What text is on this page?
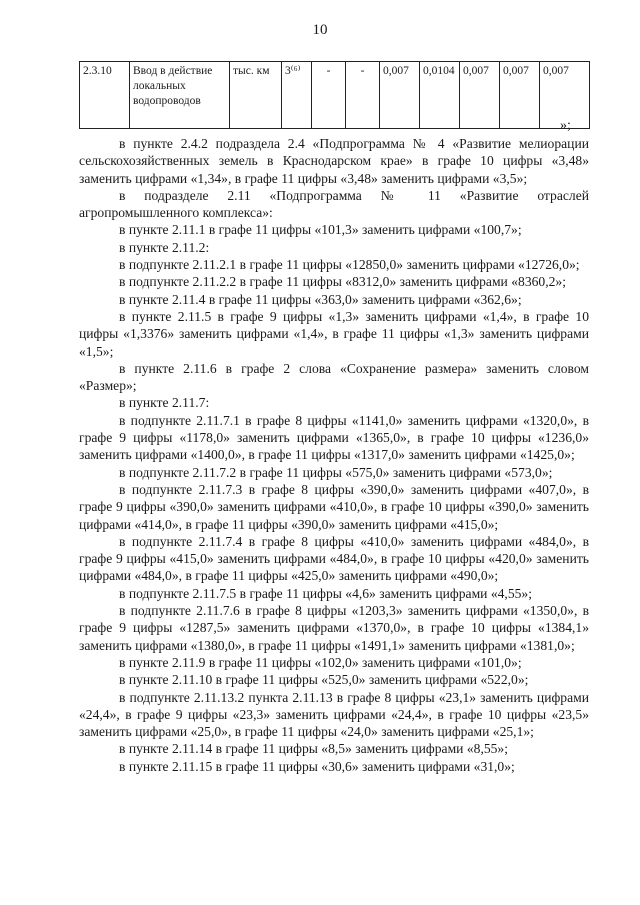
10
2.3.10	Ввод в действие локальных водопроводов	тыс. км	3⁽⁶⁾	-	-	0,007	0,0104	0,007	0,007	0,007
»;

в пункте 2.4.2 подраздела 2.4 «Подпрограмма № 4 «Развитие мелиорации сельскохозяйственных земель в Краснодарском крае» в графе 10 цифры «3,48» заменить цифрами «1,34», в графе 11 цифры «3,48» заменить цифрами «3,5»;

в подразделе 2.11 «Подпрограмма № 11 «Развитие отраслей агропромышленного комплекса»:

в пункте 2.11.1 в графе 11 цифры «101,3» заменить цифрами «100,7»;

в пункте 2.11.2:

в подпункте 2.11.2.1 в графе 11 цифры «12850,0» заменить цифрами «12726,0»;

в подпункте 2.11.2.2 в графе 11 цифры «8312,0» заменить цифрами «8360,2»;

в пункте 2.11.4 в графе 11 цифры «363,0» заменить цифрами «362,6»;

в пункте 2.11.5 в графе 9 цифры «1,3» заменить цифрами «1,4», в графе 10 цифры «1,3376» заменить цифрами «1,4», в графе 11 цифры «1,3» заменить цифрами «1,5»;

в пункте 2.11.6 в графе 2 слова «Сохранение размера» заменить словом «Размер»;

в пункте 2.11.7:

в подпункте 2.11.7.1 в графе 8 цифры «1141,0» заменить цифрами «1320,0», в графе 9 цифры «1178,0» заменить цифрами «1365,0», в графе 10 цифры «1236,0» заменить цифрами «1400,0», в графе 11 цифры «1317,0» заменить цифрами «1425,0»;

в подпункте 2.11.7.2 в графе 11 цифры «575,0» заменить цифрами «573,0»;

в подпункте 2.11.7.3 в графе 8 цифры «390,0» заменить цифрами «407,0», в графе 9 цифры «390,0» заменить цифрами «410,0», в графе 10 цифры «390,0» заменить цифрами «414,0», в графе 11 цифры «390,0» заменить цифрами «415,0»;

в подпункте 2.11.7.4 в графе 8 цифры «410,0» заменить цифрами «484,0», в графе 9 цифры «415,0» заменить цифрами «484,0», в графе 10 цифры «420,0» заменить цифрами «484,0», в графе 11 цифры «425,0» заменить цифрами «490,0»;

в подпункте 2.11.7.5 в графе 11 цифры «4,6» заменить цифрами «4,55»;

в подпункте 2.11.7.6 в графе 8 цифры «1203,3» заменить цифрами «1350,0», в графе 9 цифры «1287,5» заменить цифрами «1370,0», в графе 10 цифры «1384,1» заменить цифрами «1380,0», в графе 11 цифры «1491,1» заменить цифрами «1381,0»;

в пункте 2.11.9 в графе 11 цифры «102,0» заменить цифрами «101,0»;

в пункте 2.11.10 в графе 11 цифры «525,0» заменить цифрами «522,0»;

в подпункте 2.11.13.2 пункта 2.11.13 в графе 8 цифры «23,1» заменить цифрами «24,4», в графе 9 цифры «23,3» заменить цифрами «24,4», в графе 10 цифры «23,5» заменить цифрами «25,0», в графе 11 цифры «24,0» заменить цифрами «25,1»;

в пункте 2.11.14 в графе 11 цифры «8,5» заменить цифрами «8,55»;

в пункте 2.11.15 в графе 11 цифры «30,6» заменить цифрами «31,0»;
